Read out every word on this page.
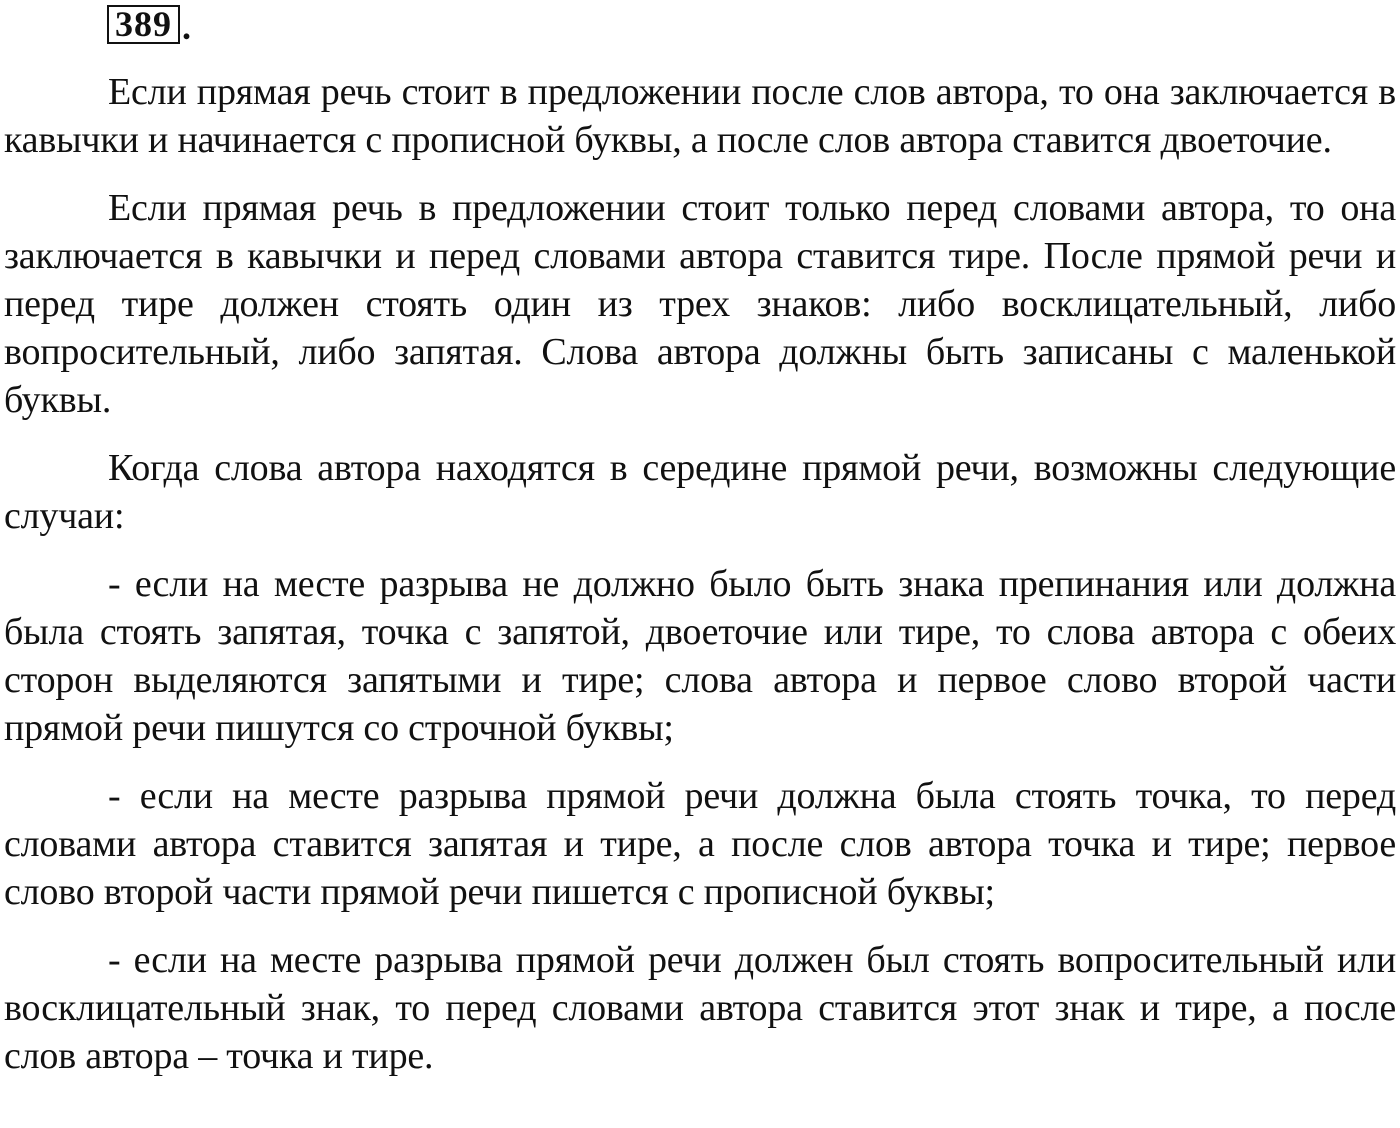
389 .

Если прямая речь стоит в предложении после слов автора, то она заключается в кавычки и начинается с прописной буквы, а после слов автора ставится двоеточие.

Если прямая речь в предложении стоит только перед словами автора, то она заключается в кавычки и перед словами автора ставится тире. После прямой речи и перед тире должен стоять один из трех знаков: либо восклицательный, либо вопросительный, либо запятая. Слова автора должны быть записаны с маленькой буквы.

Когда слова автора находятся в середине прямой речи, возможны следующие случаи:

- если на месте разрыва не должно было быть знака препинания или должна была стоять запятая, точка с запятой, двоеточие или тире, то слова автора с обеих сторон выделяются запятыми и тире; слова автора и первое слово второй части прямой речи пишутся со строчной буквы;

- если на месте разрыва прямой речи должна была стоять точка, то перед словами автора ставится запятая и тире, а после слов автора точка и тире; первое слово второй части прямой речи пишется с прописной буквы;

- если на месте разрыва прямой речи должен был стоять вопросительный или восклицательный знак, то перед словами автора ставится этот знак и тире, а после слов автора – точка и тире.
